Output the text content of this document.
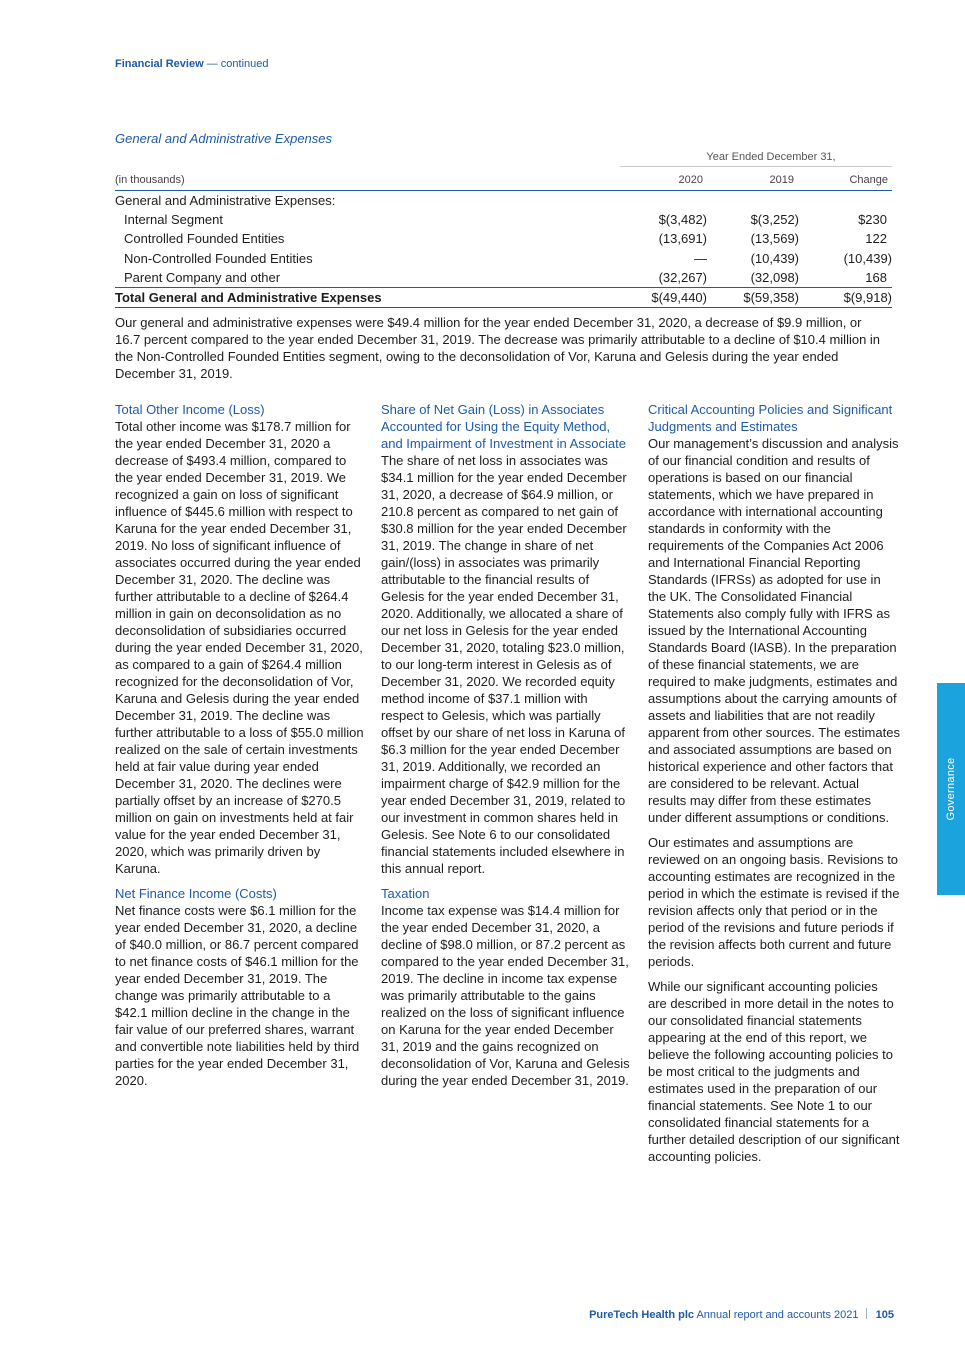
Financial Review — continued
General and Administrative Expenses
Year Ended December 31,
(in thousands)	2020	2019	Change
General and Administrative Expenses:
Internal Segment	$(3,482)	$(3,252)	$230
Controlled Founded Entities	(13,691)	(13,569)	122
Non-Controlled Founded Entities	—	(10,439)	(10,439)
Parent Company and other	(32,267)	(32,098)	168
Total General and Administrative Expenses	$(49,440)	$(59,358)	$(9,918)
Our general and administrative expenses were $49.4 million for the year ended December 31, 2020, a decrease of $9.9 million, or 16.7 percent compared to the year ended December 31, 2019. The decrease was primarily attributable to a decline of $10.4 million in the Non-Controlled Founded Entities segment, owing to the deconsolidation of Vor, Karuna and Gelesis during the year ended December 31, 2019.
Total Other Income (Loss)

Total other income was $178.7 million for the year ended December 31, 2020 a decrease of $493.4 million, compared to the year ended December 31, 2019. We recognized a gain on loss of significant influence of $445.6 million with respect to Karuna for the year ended December 31, 2019. No loss of significant influence of associates occurred during the year ended December 31, 2020. The decline was further attributable to a decline of $264.4 million in gain on deconsolidation as no deconsolidation of subsidiaries occurred during the year ended December 31, 2020, as compared to a gain of $264.4 million recognized for the deconsolidation of Vor, Karuna and Gelesis during the year ended December 31, 2019. The decline was further attributable to a loss of $55.0 million realized on the sale of certain investments held at fair value during year ended December 31, 2020. The declines were partially offset by an increase of $270.5 million on gain on investments held at fair value for the year ended December 31, 2020, which was primarily driven by Karuna.

Net Finance Income (Costs)

Net finance costs were $6.1 million for the year ended December 31, 2020, a decline of $40.0 million, or 86.7 percent compared to net finance costs of $46.1 million for the year ended December 31, 2019. The change was primarily attributable to a $42.1 million decline in the change in the fair value of our preferred shares, warrant and convertible note liabilities held by third parties for the year ended December 31, 2020.

Share of Net Gain (Loss) in Associates Accounted for Using the Equity Method, and Impairment of Investment in Associate

The share of net loss in associates was $34.1 million for the year ended December 31, 2020, a decrease of $64.9 million, or 210.8 percent as compared to net gain of $30.8 million for the year ended December 31, 2019. The change in share of net gain/(loss) in associates was primarily attributable to the financial results of Gelesis for the year ended December 31, 2020. Additionally, we allocated a share of our net loss in Gelesis for the year ended December 31, 2020, totaling $23.0 million, to our long-term interest in Gelesis as of December 31, 2020. We recorded equity method income of $37.1 million with respect to Gelesis, which was partially offset by our share of net loss in Karuna of $6.3 million for the year ended December 31, 2019. Additionally, we recorded an impairment charge of $42.9 million for the year ended December 31, 2019, related to our investment in common shares held in Gelesis. See Note 6 to our consolidated financial statements included elsewhere in this annual report.

Taxation

Income tax expense was $14.4 million for the year ended December 31, 2020, a decline of $98.0 million, or 87.2 percent as compared to the year ended December 31, 2019. The decline in income tax expense was primarily attributable to the gains realized on the loss of significant influence on Karuna for the year ended December 31, 2019 and the gains recognized on deconsolidation of Vor, Karuna and Gelesis during the year ended December 31, 2019.

Critical Accounting Policies and Significant Judgments and Estimates

Our management’s discussion and analysis of our financial condition and results of operations is based on our financial statements, which we have prepared in accordance with international accounting standards in conformity with the requirements of the Companies Act 2006 and International Financial Reporting Standards (IFRSs) as adopted for use in the UK. The Consolidated Financial Statements also comply fully with IFRS as issued by the International Accounting Standards Board (IASB). In the preparation of these financial statements, we are required to make judgments, estimates and assumptions about the carrying amounts of assets and liabilities that are not readily apparent from other sources. The estimates and associated assumptions are based on historical experience and other factors that are considered to be relevant. Actual results may differ from these estimates under different assumptions or conditions.

Our estimates and assumptions are reviewed on an ongoing basis. Revisions to accounting estimates are recognized in the period in which the estimate is revised if the revision affects only that period or in the period of the revisions and future periods if the revision affects both current and future periods.

While our significant accounting policies are described in more detail in the notes to our consolidated financial statements appearing at the end of this report, we believe the following accounting policies to be most critical to the judgments and estimates used in the preparation of our financial statements. See Note 1 to our consolidated financial statements for a further detailed description of our significant accounting policies.

Governance
PureTech Health plc Annual report and accounts 2021 105
